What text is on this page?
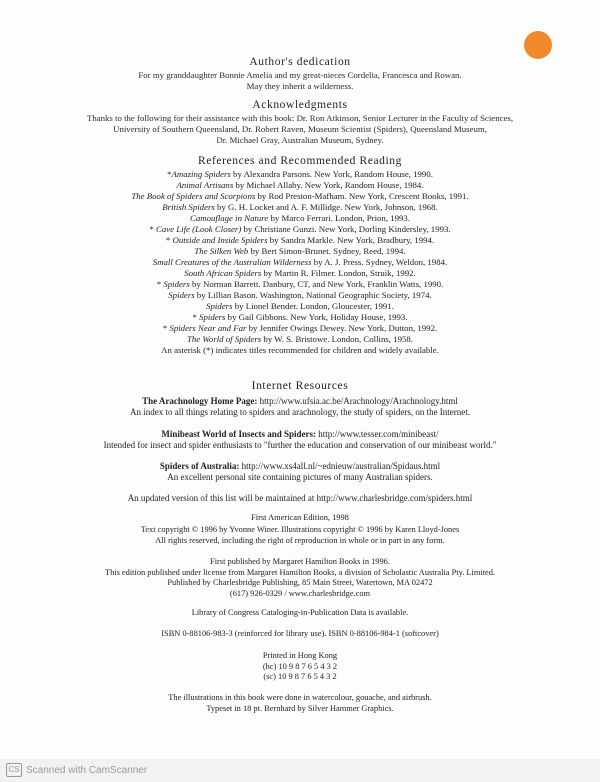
Author's dedication
For my granddaughter Bonnie Amelia and my great-nieces Cordelia, Francesca and Rowan.
May they inherit a wilderness.
Acknowledgments
Thanks to the following for their assistance with this book: Dr. Ron Atkinson, Senior Lecturer in the Faculty of Sciences,
University of Southern Queensland, Dr. Robert Raven, Museum Scientist (Spiders), Queensland Museum,
Dr. Michael Gray, Australian Museum, Sydney.
References and Recommended Reading
*Amazing Spiders by Alexandra Parsons. New York, Random House, 1990.
Animal Artisans by Michael Allaby. New York, Random House, 1984.
The Book of Spiders and Scorpions by Rod Preston-Mafham. New York, Crescent Books, 1991.
British Spiders by G. H. Locket and A. F. Millidge. New York, Johnson, 1968.
Camouflage in Nature by Marco Ferrari. London, Prion, 1993.
* Cave Life (Look Closer) by Christiane Gunzi. New York, Dorling Kindersley, 1993.
* Outside and Inside Spiders by Sandra Markle. New York, Bradbury, 1994.
The Silken Web by Bert Simon-Brunet. Sydney, Reed, 1994.
Small Creatures of the Australian Wilderness by A. J. Press. Sydney, Weldon, 1984.
South African Spiders by Martin R. Filmer. London, Struik, 1992.
* Spiders by Norman Barrett. Danbury, CT, and New York, Franklin Watts, 1990.
Spiders by Lillian Bason. Washington, National Geographic Society, 1974.
Spiders by Lionel Bender. London, Gloucester, 1991.
* Spiders by Gail Gibbons. New York, Holiday House, 1993.
* Spiders Near and Far by Jennifer Owings Dewey. New York, Dutton, 1992.
The World of Spiders by W. S. Bristowe. London, Collins, 1958.
An asterisk (*) indicates titles recommended for children and widely available.
Internet Resources
The Arachnology Home Page: http://www.ufsia.ac.be/Arachnology/Arachnology.html
An index to all things relating to spiders and arachnology, the study of spiders, on the Internet.
Minibeast World of Insects and Spiders: http://www.tesser.com/minibeast/
Intended for insect and spider enthusiasts to "further the education and conservation of our minibeast world."
Spiders of Australia: http://www.xs4all.nl/~ednieuw/australian/Spidaus.html
An excellent personal site containing pictures of many Australian spiders.
An updated version of this list will be maintained at http://www.charlesbridge.com/spiders.html
First American Edition, 1998
Text copyright © 1996 by Yvonne Winer. Illustrations copyright © 1996 by Karen Lloyd-Jones
All rights reserved, including the right of reproduction in whole or in part in any form.
First published by Margaret Hamilton Books in 1996.
This edition published under license from Margaret Hamilton Books, a division of Scholastic Australia Pty. Limited.
Published by Charlesbridge Publishing, 85 Main Street, Watertown, MA 02472
(617) 926-0329 / www.charlesbridge.com
Library of Congress Cataloging-in-Publication Data is available.
ISBN 0-88106-983-3 (reinforced for library use). ISBN 0-88106-984-1 (softcover)
Printed in Hong Kong
(hc) 10 9 8 7 6 5 4 3 2
(sc) 10 9 8 7 6 5 4 3 2
The illustrations in this book were done in watercolour, gouache, and airbrush.
Typeset in 18 pt. Bernhard by Silver Hammer Graphics.
CS Scanned with CamScanner
